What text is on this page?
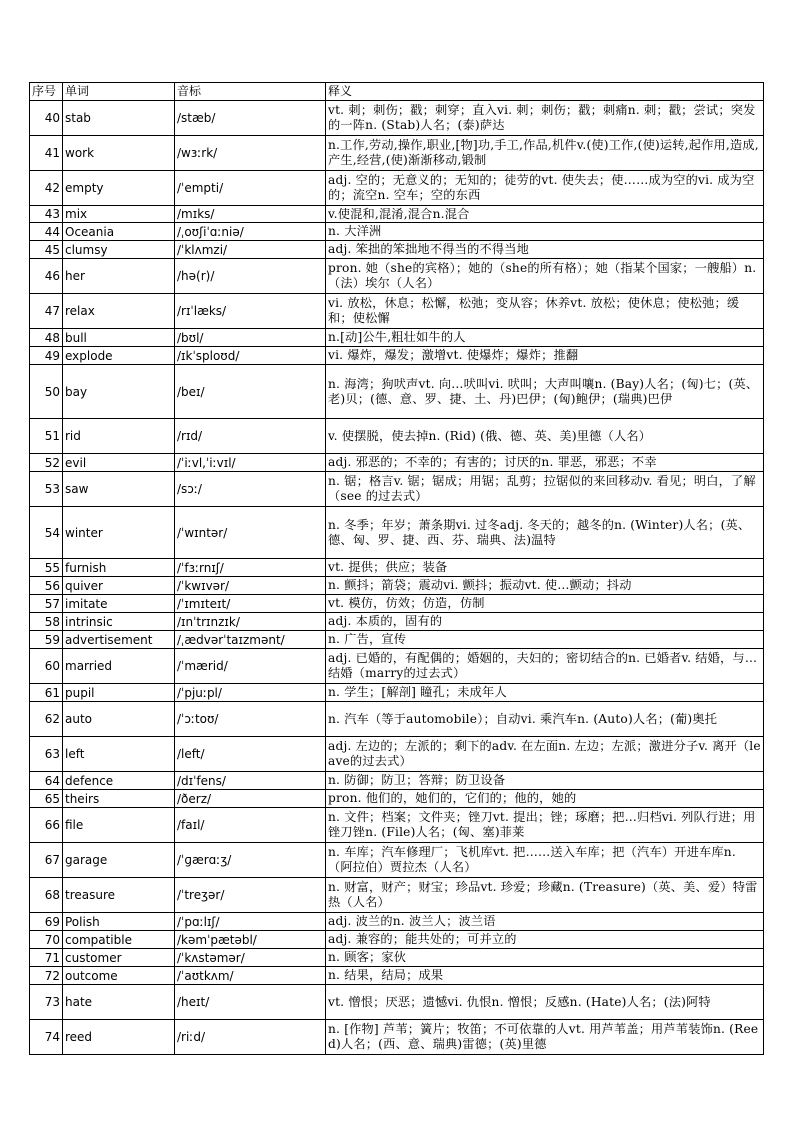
序号	单词	音标	释义
40	stab	/stæb/	vt. 刺；刺伤；戳；刺穿；直入vi. 刺；刺伤；戳；刺痛n. 刺；戳；尝试；突发的一阵n. (Stab)人名；(泰)萨达
41	work	/wɜːrk/	n.工作,劳动,操作,职业,[物]功,手工,作品,机件v.(使)工作,(使)运转,起作用,造成,产生,经营,(使)渐渐移动,锻制
42	empty	/ˈempti/	adj. 空的；无意义的；无知的；徒劳的vt. 使失去；使……成为空的vi. 成为空的；流空n. 空车；空的东西
43	mix	/mɪks/	v.使混和,混淆,混合n.混合
44	Oceania	/ˌoʊʃiˈɑːniə/	n. 大洋洲
45	clumsy	/ˈklʌmzi/	adj. 笨拙的笨拙地不得当的不得当地
46	her	/hə(r)/	pron. 她（she的宾格）；她的（she的所有格）；她（指某个国家；一艘船）n. （法）埃尔（人名）
47	relax	/rɪˈlæks/	vi. 放松，休息；松懈，松弛；变从容；休养vt. 放松；使休息；使松弛；缓和；使松懈
48	bull	/bʊl/	n.[动]公牛,粗壮如牛的人
49	explode	/ɪkˈsploʊd/	vi. 爆炸，爆发；激增vt. 使爆炸；爆炸；推翻
50	bay	/beɪ/	n. 海湾；狗吠声vt. 向…吠叫vi. 吠叫；大声叫嚷n. (Bay)人名；(匈)七；(英、老)贝；(德、意、罗、捷、土、丹)巴伊；(匈)鲍伊；(瑞典)巴伊
51	rid	/rɪd/	v. 使摆脱，使去掉n. (Rid) (俄、德、英、美)里德（人名）
52	evil	/ˈiːvl,ˈiːvɪl/	adj. 邪恶的；不幸的；有害的；讨厌的n. 罪恶，邪恶；不幸
53	saw	/sɔː/	n. 锯；格言v. 锯；锯成；用锯；乱剪；拉锯似的来回移动v. 看见；明白，了解（see 的过去式）
54	winter	/ˈwɪntər/	n. 冬季；年岁；萧条期vi. 过冬adj. 冬天的；越冬的n. (Winter)人名；(英、德、匈、罗、捷、西、芬、瑞典、法)温特
55	furnish	/ˈfɜːrnɪʃ/	vt. 提供；供应；装备
56	quiver	/ˈkwɪvər/	n. 颤抖；箭袋；震动vi. 颤抖；振动vt. 使…颤动；抖动
57	imitate	/ˈɪmɪteɪt/	vt. 模仿，仿效；仿造，仿制
58	intrinsic	/ɪnˈtrɪnzɪk/	adj. 本质的，固有的
59	advertisement	/ˌædvərˈtaɪzmənt/	n. 广告，宣传
60	married	/ˈmærid/	adj. 已婚的，有配偶的；婚姻的，夫妇的；密切结合的n. 已婚者v. 结婚，与…结婚（marry的过去式）
61	pupil	/ˈpjuːpl/	n. 学生；[解剖] 瞳孔；未成年人
62	auto	/ˈɔːtoʊ/	n. 汽车（等于automobile）；自动vi. 乘汽车n. (Auto)人名；(葡)奥托
63	left	/left/	adj. 左边的；左派的；剩下的adv. 在左面n. 左边；左派；激进分子v. 离开（leave的过去式）
64	defence	/dɪˈfens/	n. 防御；防卫；答辩；防卫设备
65	theirs	/ðerz/	pron. 他们的，她们的，它们的；他的，她的
66	file	/faɪl/	n. 文件；档案；文件夹；锉刀vt. 提出；锉；琢磨；把…归档vi. 列队行进；用锉刀锉n. (File)人名；(匈、塞)菲莱
67	garage	/ˈɡærɑːʒ/	n. 车库；汽车修理厂；飞机库vt. 把……送入车库；把（汽车）开进车库n. （阿拉伯）贾拉杰（人名）
68	treasure	/ˈtreʒər/	n. 财富，财产；财宝；珍品vt. 珍爱；珍藏n. (Treasure)（英、美、爱）特雷热（人名）
69	Polish	/ˈpɑːlɪʃ/	adj. 波兰的n. 波兰人；波兰语
70	compatible	/kəmˈpætəbl/	adj. 兼容的；能共处的；可并立的
71	customer	/ˈkʌstəmər/	n. 顾客；家伙
72	outcome	/ˈaʊtkʌm/	n. 结果，结局；成果
73	hate	/heɪt/	vt. 憎恨；厌恶；遗憾vi. 仇恨n. 憎恨；反感n. (Hate)人名；(法)阿特
74	reed	/riːd/	n. [作物] 芦苇；簧片；牧笛；不可依靠的人vt. 用芦苇盖；用芦苇装饰n. (Reed)人名；(西、意、瑞典)雷德；(英)里德
